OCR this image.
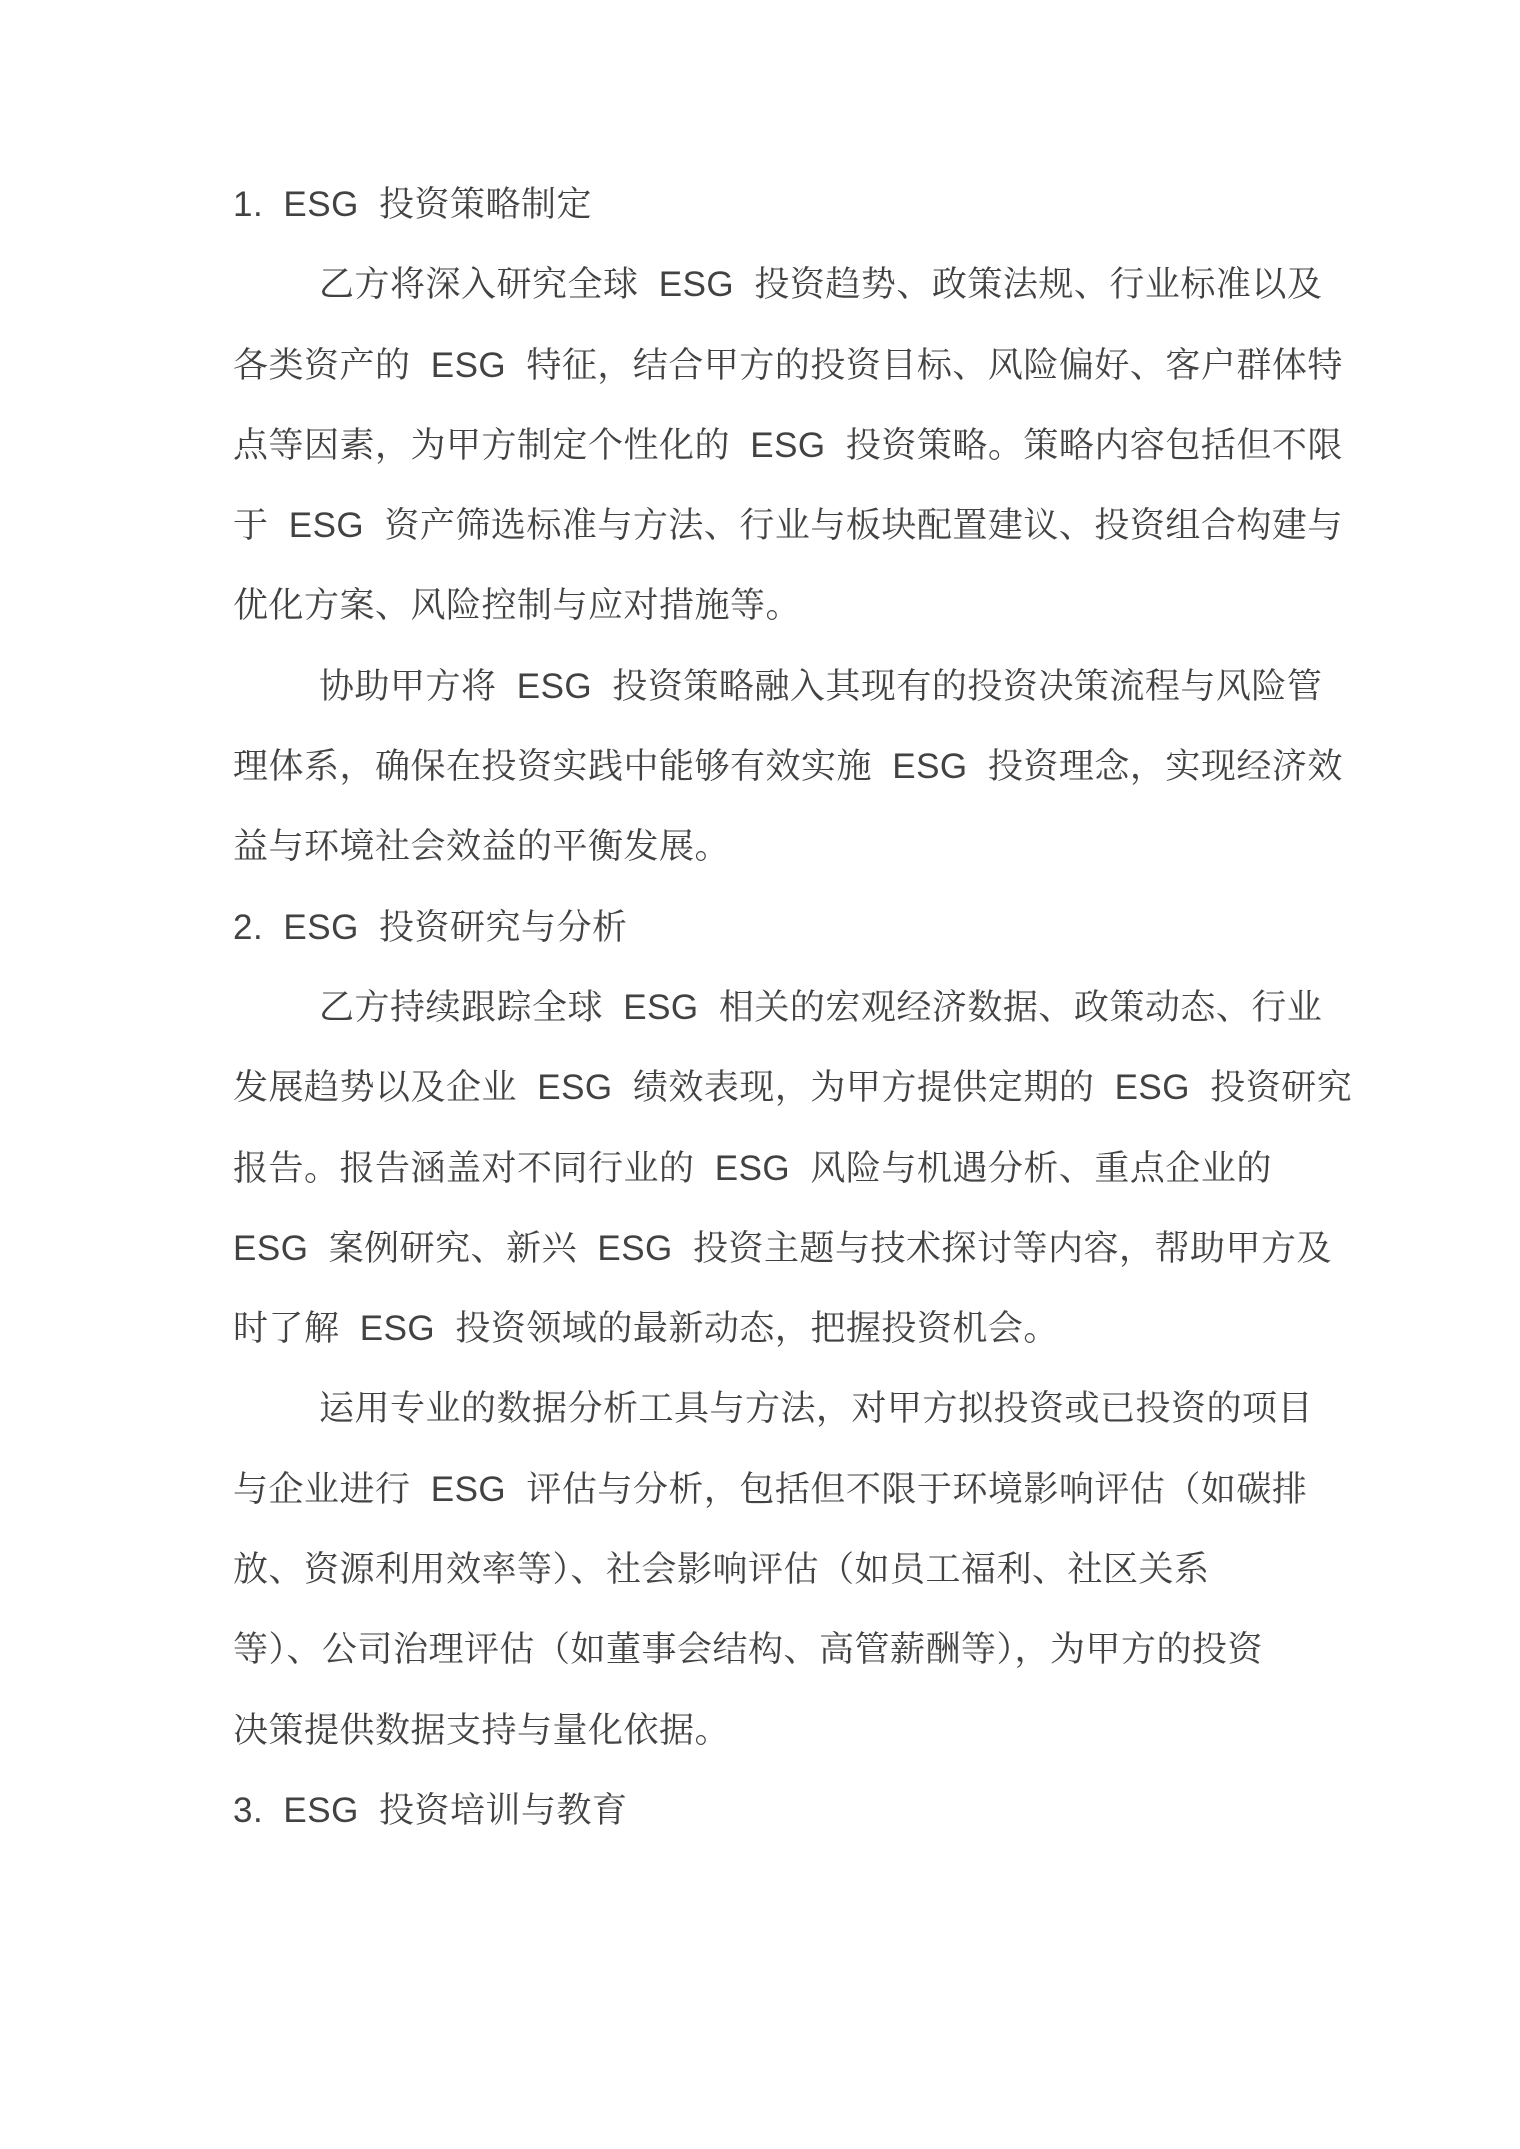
1. ESG 投资策略制定
乙方将深入研究全球 ESG 投资趋势、政策法规、行业标准以及
各类资产的 ESG 特征，结合甲方的投资目标、风险偏好、客户群体特
点等因素，为甲方制定个性化的 ESG 投资策略。策略内容包括但不限
于 ESG 资产筛选标准与方法、行业与板块配置建议、投资组合构建与
优化方案、风险控制与应对措施等。
协助甲方将 ESG 投资策略融入其现有的投资决策流程与风险管
理体系，确保在投资实践中能够有效实施 ESG 投资理念，实现经济效
益与环境社会效益的平衡发展。
2. ESG 投资研究与分析
乙方持续跟踪全球 ESG 相关的宏观经济数据、政策动态、行业
发展趋势以及企业 ESG 绩效表现，为甲方提供定期的 ESG 投资研究
报告。报告涵盖对不同行业的 ESG 风险与机遇分析、重点企业的
ESG 案例研究、新兴 ESG 投资主题与技术探讨等内容，帮助甲方及
时了解 ESG 投资领域的最新动态，把握投资机会。
运用专业的数据分析工具与方法，对甲方拟投资或已投资的项目
与企业进行 ESG 评估与分析，包括但不限于环境影响评估（如碳排
放、资源利用效率等）、社会影响评估（如员工福利、社区关系
等）、公司治理评估（如董事会结构、高管薪酬等），为甲方的投资
决策提供数据支持与量化依据。
3. ESG 投资培训与教育
